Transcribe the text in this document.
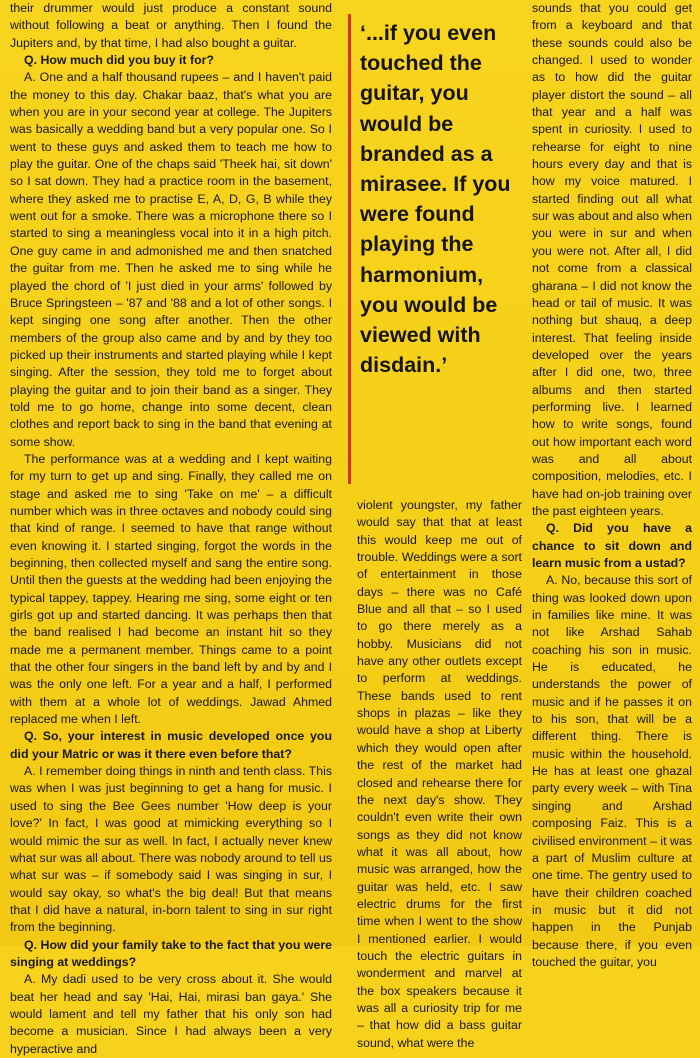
their drummer would just produce a constant sound without following a beat or anything. Then I found the Jupiters and, by that time, I had also bought a guitar.

Q. How much did you buy it for?

A. One and a half thousand rupees – and I haven't paid the money to this day. Chakar baaz, that's what you are when you are in your second year at college. The Jupiters was basically a wedding band but a very popular one. So I went to these guys and asked them to teach me how to play the guitar. One of the chaps said 'Theek hai, sit down' so I sat down. They had a practice room in the basement, where they asked me to practise E, A, D, G, B while they went out for a smoke. There was a microphone there so I started to sing a meaningless vocal into it in a high pitch. One guy came in and admonished me and then snatched the guitar from me. Then he asked me to sing while he played the chord of 'I just died in your arms' followed by Bruce Springsteen – '87 and '88 and a lot of other songs. I kept singing one song after another. Then the other members of the group also came and by and by they too picked up their instruments and started playing while I kept singing. After the session, they told me to forget about playing the guitar and to join their band as a singer. They told me to go home, change into some decent, clean clothes and report back to sing in the band that evening at some show.

The performance was at a wedding and I kept waiting for my turn to get up and sing. Finally, they called me on stage and asked me to sing 'Take on me' – a difficult number which was in three octaves and nobody could sing that kind of range. I seemed to have that range without even knowing it. I started singing, forgot the words in the beginning, then collected myself and sang the entire song. Until then the guests at the wedding had been enjoying the typical tappey, tappey. Hearing me sing, some eight or ten girls got up and started dancing. It was perhaps then that the band realised I had become an instant hit so they made me a permanent member. Things came to a point that the other four singers in the band left by and by and I was the only one left. For a year and a half, I performed with them at a whole lot of weddings. Jawad Ahmed replaced me when I left.

Q. So, your interest in music developed once you did your Matric or was it there even before that?

A. I remember doing things in ninth and tenth class. This was when I was just beginning to get a hang for music. I used to sing the Bee Gees number 'How deep is your love?' In fact, I was good at mimicking everything so I would mimic the sur as well. In fact, I actually never knew what sur was all about. There was nobody around to tell us what sur was – if somebody said I was singing in sur, I would say okay, so what's the big deal! But that means that I did have a natural, in-born talent to sing in sur right from the beginning.

Q. How did your family take to the fact that you were singing at weddings?

A. My dadi used to be very cross about it. She would beat her head and say 'Hai, Hai, mirasi ban gaya.' She would lament and tell my father that his only son had become a musician. Since I had always been a very hyperactive and

‘...if you even touched the guitar, you would be branded as a mirasee. If you were found playing the harmonium, you would be viewed with disdain.’

violent youngster, my father would say that that at least this would keep me out of trouble. Weddings were a sort of entertainment in those days – there was no Café Blue and all that – so I used to go there merely as a hobby. Musicians did not have any other outlets except to perform at weddings. These bands used to rent shops in plazas – like they would have a shop at Liberty which they would open after the rest of the market had closed and rehearse there for the next day's show. They couldn't even write their own songs as they did not know what it was all about, how music was arranged, how the guitar was held, etc. I saw electric drums for the first time when I went to the show I mentioned earlier. I would touch the electric guitars in wonderment and marvel at the box speakers because it was all a curiosity trip for me – that how did a bass guitar sound, what were the

sounds that you could get from a keyboard and that these sounds could also be changed. I used to wonder as to how did the guitar player distort the sound – all that year and a half was spent in curiosity. I used to rehearse for eight to nine hours every day and that is how my voice matured. I started finding out all what sur was about and also when you were in sur and when you were not. After all, I did not come from a classical gharana – I did not know the head or tail of music. It was nothing but shauq, a deep interest. That feeling inside developed over the years after I did one, two, three albums and then started performing live. I learned how to write songs, found out how important each word was and all about composition, melodies, etc. I have had on-job training over the past eighteen years.

Q. Did you have a chance to sit down and learn music from a ustad?

A. No, because this sort of thing was looked down upon in families like mine. It was not like Arshad Sahab coaching his son in music. He is educated, he understands the power of music and if he passes it on to his son, that will be a different thing. There is music within the household. He has at least one ghazal party every week – with Tina singing and Arshad composing Faiz. This is a civilised environment – it was a part of Muslim culture at one time. The gentry used to have their children coached in music but it did not happen in the Punjab because there, if you even touched the guitar, you
